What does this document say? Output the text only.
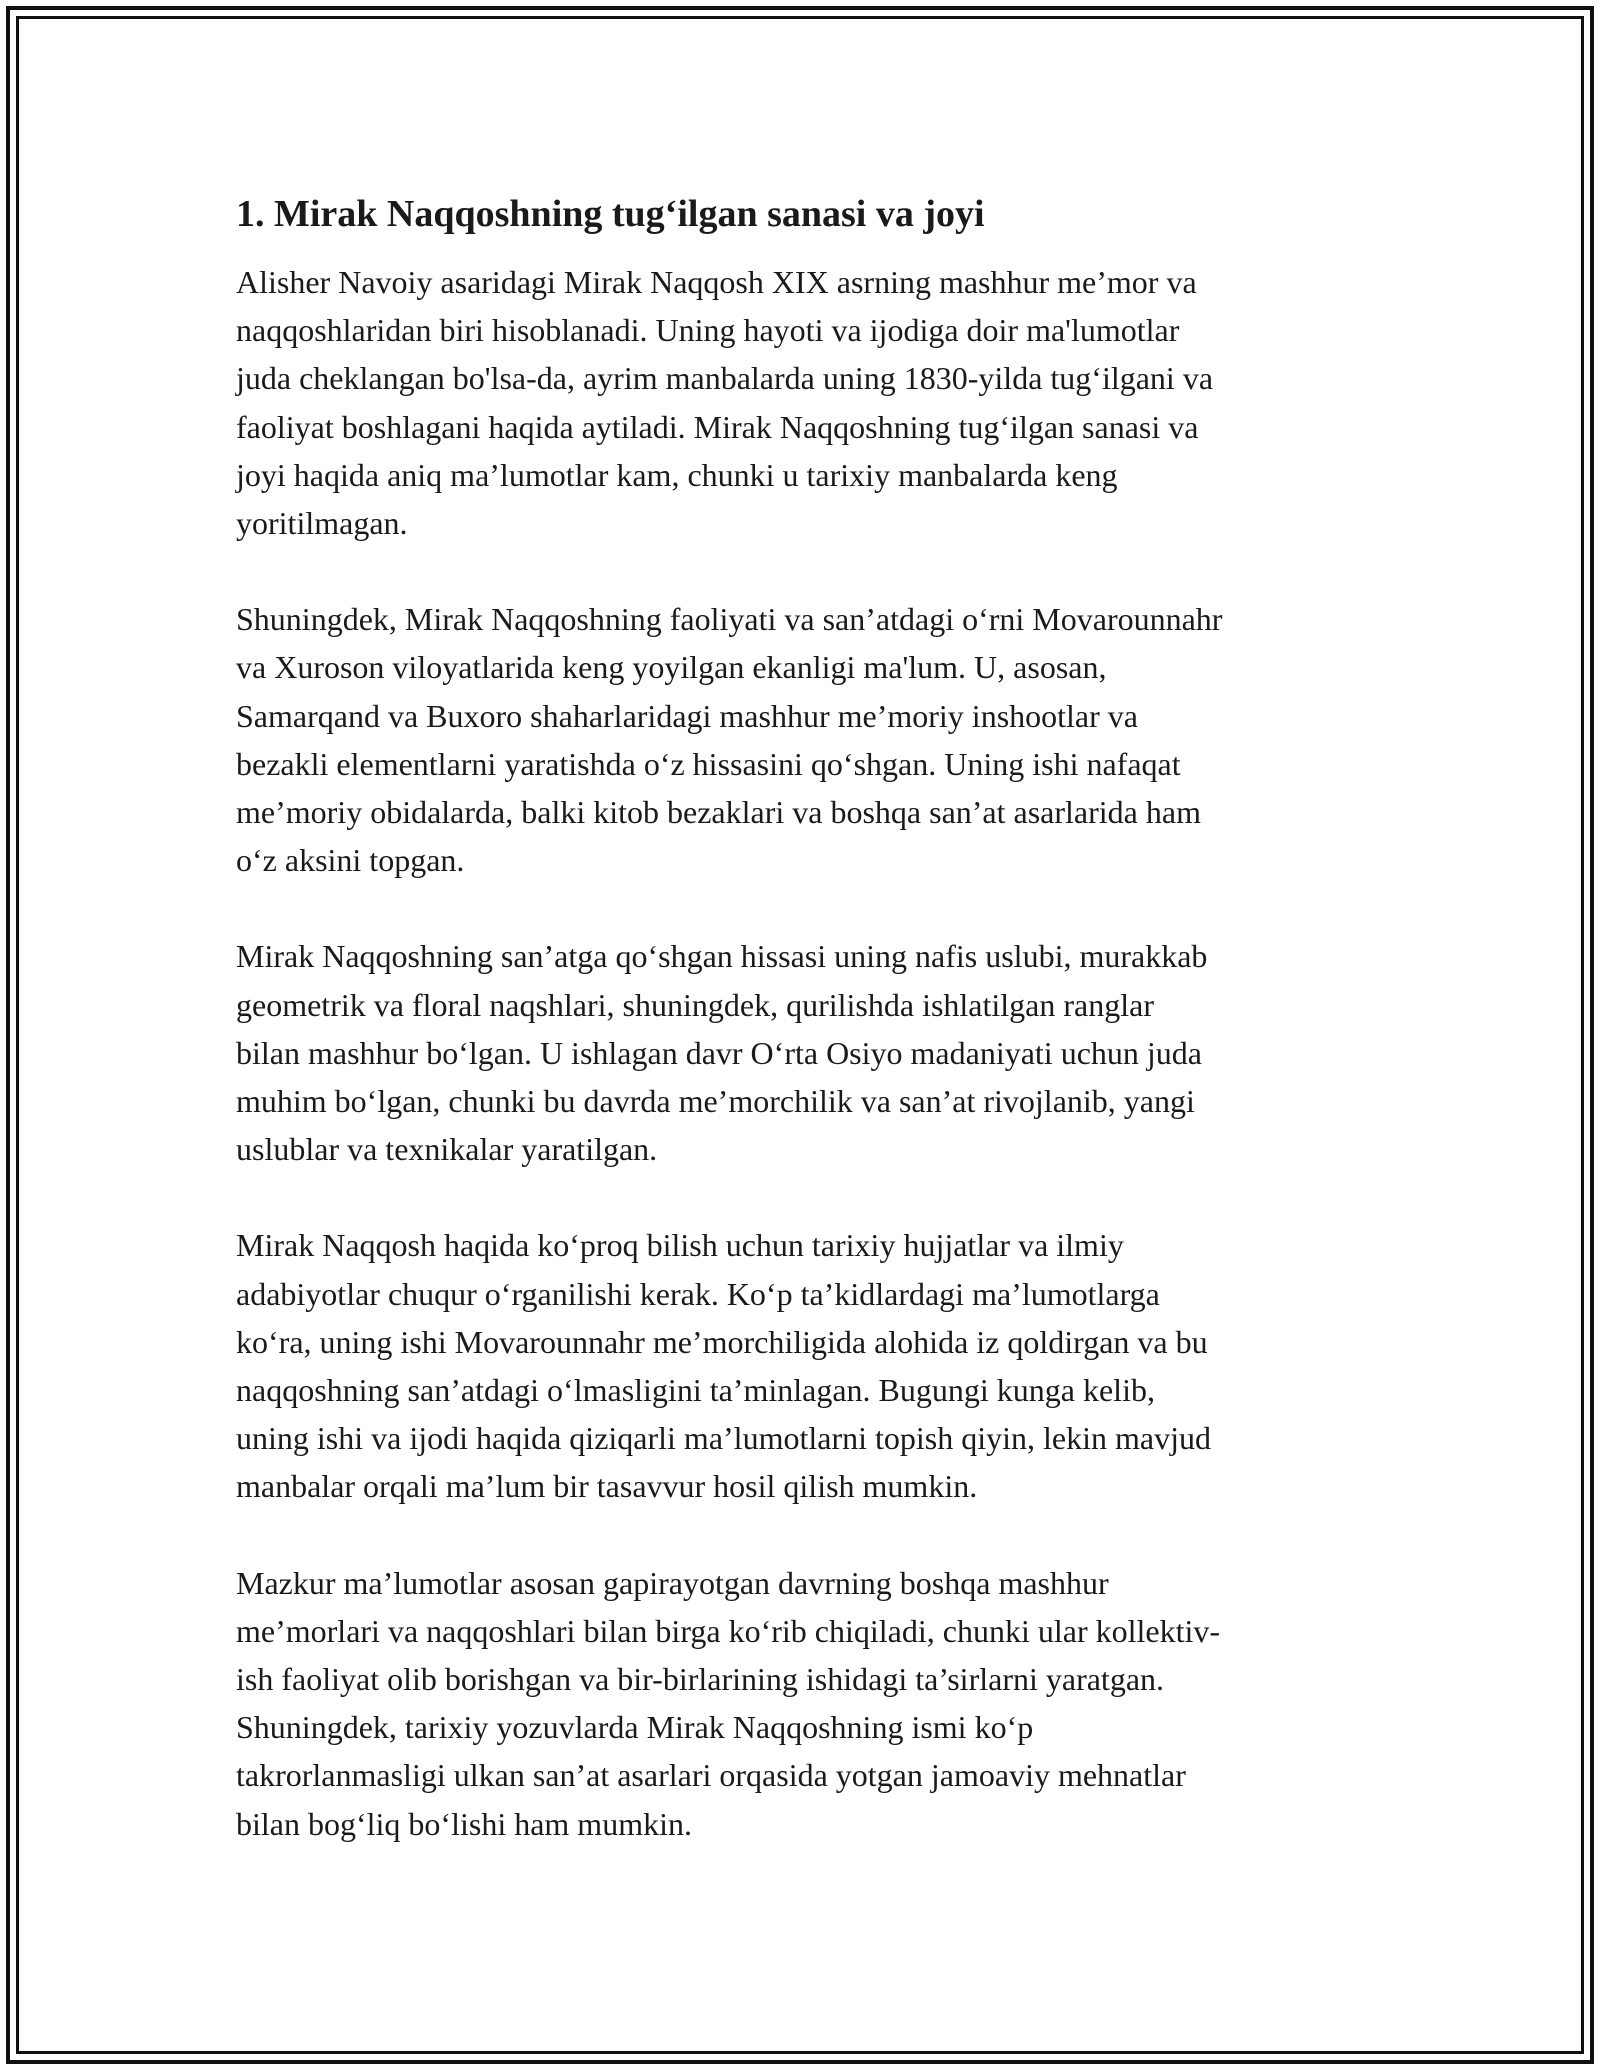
1. Mirak Naqqoshning tug‘ilgan sanasi va joyi

Alisher Navoiy asaridagi Mirak Naqqosh XIX asrning mashhur me’mor va
naqqoshlaridan biri hisoblanadi. Uning hayoti va ijodiga doir ma'lumotlar
juda cheklangan bo'lsa-da, ayrim manbalarda uning 1830-yilda tug‘ilgani va
faoliyat boshlagani haqida aytiladi. Mirak Naqqoshning tug‘ilgan sanasi va
joyi haqida aniq ma’lumotlar kam, chunki u tarixiy manbalarda keng
yoritilmagan.

Shuningdek, Mirak Naqqoshning faoliyati va san’atdagi o‘rni Movarounnahr
va Xuroson viloyatlarida keng yoyilgan ekanligi ma'lum. U, asosan,
Samarqand va Buxoro shaharlaridagi mashhur me’moriy inshootlar va
bezakli elementlarni yaratishda o‘z hissasini qo‘shgan. Uning ishi nafaqat
me’moriy obidalarda, balki kitob bezaklari va boshqa san’at asarlarida ham
o‘z aksini topgan.

Mirak Naqqoshning san’atga qo‘shgan hissasi uning nafis uslubi, murakkab
geometrik va floral naqshlari, shuningdek, qurilishda ishlatilgan ranglar
bilan mashhur bo‘lgan. U ishlagan davr O‘rta Osiyo madaniyati uchun juda
muhim bo‘lgan, chunki bu davrda me’morchilik va san’at rivojlanib, yangi
uslublar va texnikalar yaratilgan.

Mirak Naqqosh haqida ko‘proq bilish uchun tarixiy hujjatlar va ilmiy
adabiyotlar chuqur o‘rganilishi kerak. Ko‘p ta’kidlardagi ma’lumotlarga
ko‘ra, uning ishi Movarounnahr me’morchiligida alohida iz qoldirgan va bu
naqqoshning san’atdagi o‘lmasligini ta’minlagan. Bugungi kunga kelib,
uning ishi va ijodi haqida qiziqarli ma’lumotlarni topish qiyin, lekin mavjud
manbalar orqali ma’lum bir tasavvur hosil qilish mumkin.

Mazkur ma’lumotlar asosan gapirayotgan davrning boshqa mashhur
me’morlari va naqqoshlari bilan birga ko‘rib chiqiladi, chunki ular kollektiv-
ish faoliyat olib borishgan va bir-birlarining ishidagi ta’sirlarni yaratgan.
Shuningdek, tarixiy yozuvlarda Mirak Naqqoshning ismi ko‘p
takrorlanmasligi ulkan san’at asarlari orqasida yotgan jamoaviy mehnatlar
bilan bog‘liq bo‘lishi ham mumkin.
